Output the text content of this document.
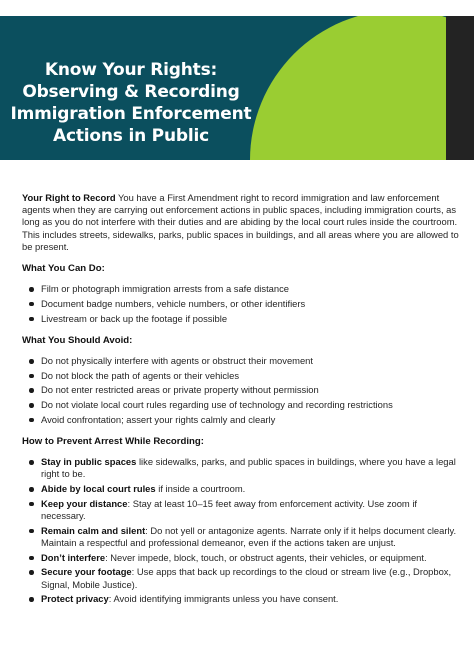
Know Your Rights: Observing & Recording Immigration Enforcement Actions in Public

Your Right to Record You have a First Amendment right to record immigration and law enforcement agents when they are carrying out enforcement actions in public spaces, including immigration courts, as long as you do not interfere with their duties and are abiding by the local court rules inside the courtroom. This includes streets, sidewalks, parks, public spaces in buildings, and all areas where you are allowed to be present.

What You Can Do:
Film or photograph immigration arrests from a safe distance
Document badge numbers, vehicle numbers, or other identifiers
Livestream or back up the footage if possible
What You Should Avoid:
Do not physically interfere with agents or obstruct their movement
Do not block the path of agents or their vehicles
Do not enter restricted areas or private property without permission
Do not violate local court rules regarding use of technology and recording restrictions
Avoid confrontation; assert your rights calmly and clearly
How to Prevent Arrest While Recording:
Stay in public spaces like sidewalks, parks, and public spaces in buildings, where you have a legal right to be.
Abide by local court rules if inside a courtroom.
Keep your distance: Stay at least 10–15 feet away from enforcement activity. Use zoom if necessary.
Remain calm and silent: Do not yell or antagonize agents. Narrate only if it helps document clearly. Maintain a respectful and professional demeanor, even if the actions taken are unjust.
Don’t interfere: Never impede, block, touch, or obstruct agents, their vehicles, or equipment.
Secure your footage: Use apps that back up recordings to the cloud or stream live (e.g., Dropbox, Signal, Mobile Justice).
Protect privacy: Avoid identifying immigrants unless you have consent.
